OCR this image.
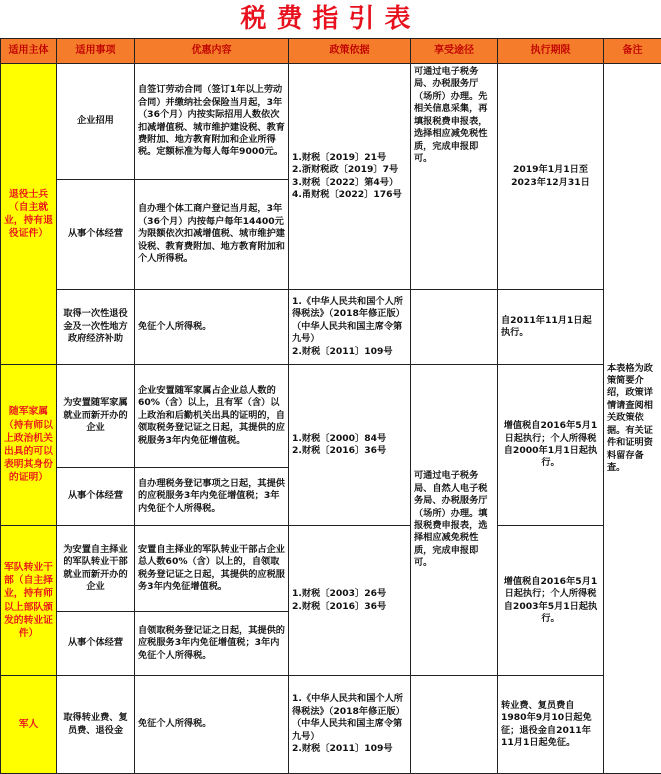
税费指引表
适用主体	适用事项	优惠内容	政策依据	享受途径	执行期限	备注
退役士兵（自主就业，持有退役证件）	企业招用	自签订劳动合同（签订1年以上劳动合同）并缴纳社会保险当月起，3年（36个月）内按实际招用人数依次扣减增值税、城市维护建设税、教育费附加、地方教育附加和企业所得税。定额标准为每人每年9000元。	1.财税〔2019〕21号
2.浙财税政〔2019〕7号
3.财税〔2022〕第4号）
4.甬财税〔2022〕176号	可通过电子税务局、办税服务厅（场所）办理。先相关信息采集，再填报税费申报表，选择相应减免税性质，完成申报即可。	2019年1月1日至2023年12月31日	本表格为政策简要介绍，政策详情请查阅相关政策依据。有关证件和证明资料留存备查。
	从事个体经营	自办理个体工商户登记当月起，3年（36个月）内按每户每年14400元为限额依次扣减增值税、城市维护建设税、教育费附加、地方教育附加和个人所得税。				
	取得一次性退役金及一次性地方政府经济补助	免征个人所得税。	1.《中华人民共和国个人所得税法》（2018年修正版）（中华人民共和国主席令第九号）
2.财税〔2011〕109号		自2011年11月1日起执行。	
随军家属（持有师以上政治机关出具的可以表明其身份的证明）	为安置随军家属就业而新开办的企业	企业安置随军家属占企业总人数的60%（含）以上，且有军（含）以上政治和后勤机关出具的证明的，自领取税务登记证之日起，其提供的应税服务3年内免征增值税。	1.财税〔2000〕84号
2.财税〔2016〕36号	可通过电子税务局、自然人电子税务局、办税服务厅（场所）办理。填报税费申报表，选择相应减免税性质，完成申报即可。	增值税自2016年5月1日起执行；个人所得税自2000年1月1日起执行。	
	从事个体经营	自办理税务登记事项之日起，其提供的应税服务3年内免征增值税；3年内免征个人所得税。				
军队转业干部（自主择业，持有师以上部队颁发的转业证件）	为安置自主择业的军队转业干部就业而新开办的企业	安置自主择业的军队转业干部占企业总人数60%（含）以上的，自领取税务登记证之日起，其提供的应税服务3年内免征增值税。	1.财税〔2003〕26号
2.财税〔2016〕36号		增值税自2016年5月1日起执行；个人所得税自2003年5月1日起执行。	
	从事个体经营	自领取税务登记证之日起，其提供的应税服务3年内免征增值税；3年内免征个人所得税。				
军人	取得转业费、复员费、退役金	免征个人所得税。	1.《中华人民共和国个人所得税法》（2018年修正版）（中华人民共和国主席令第九号）
2.财税〔2011〕109号		转业费、复员费自1980年9月10日起免征；退役金自2011年11月1日起免征。	
